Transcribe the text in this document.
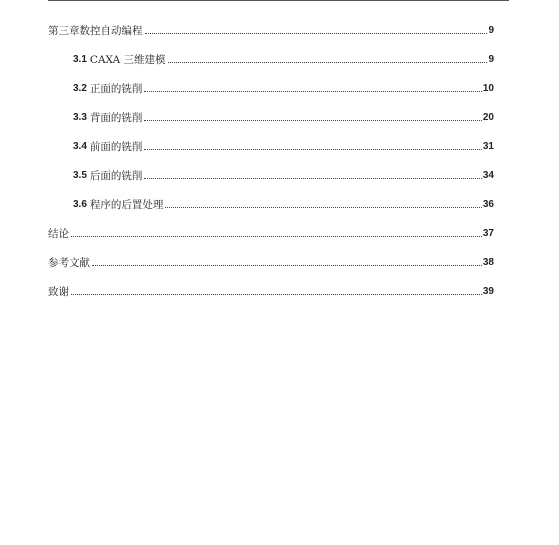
第三章数控自动编程	9
3.1 CAXA 三维建模	9
3.2 正面的铣削	10
3.3 背面的铣削	20
3.4 前面的铣削	31
3.5 后面的铣削	34
3.6 程序的后置处理	36
结论	37
参考文献	38
致谢	39
